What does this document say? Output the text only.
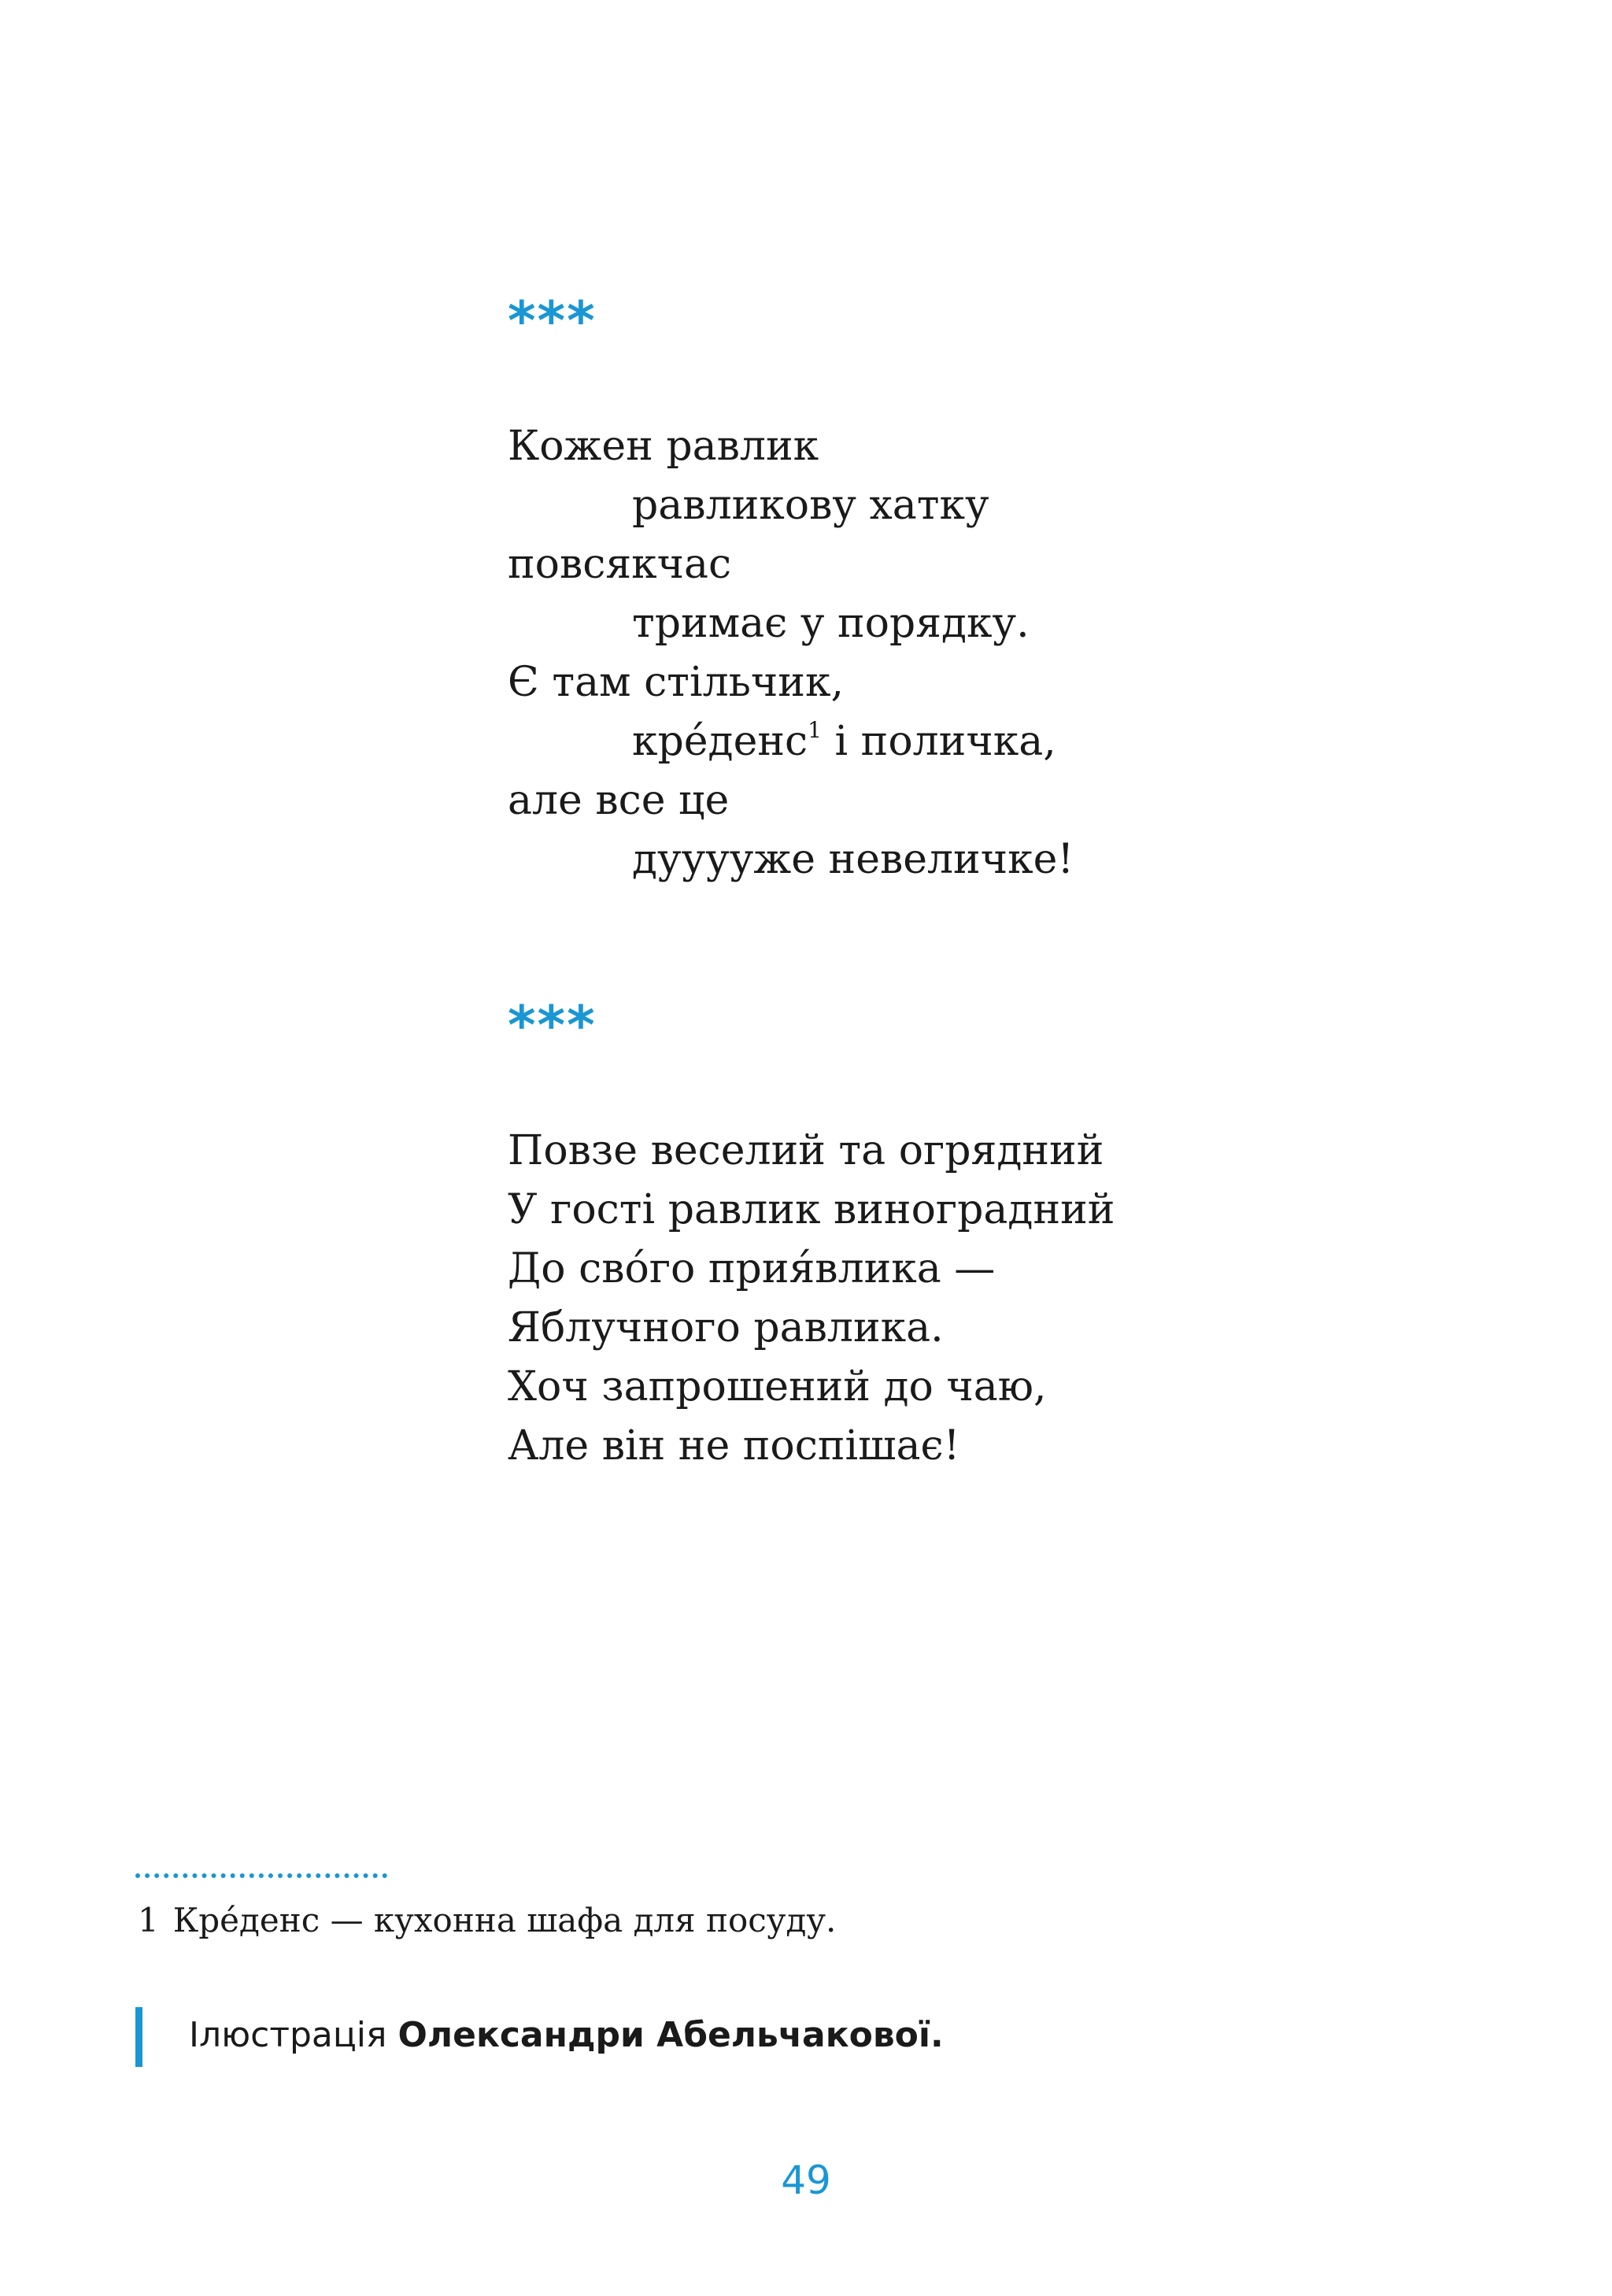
***
Кожен равлик
равликову хатку
повсякчас
тримає у порядку.
Є там стільчик,
кре́денс$^1$ і поличка,
але все це
дууууже невеличке!
***
Повзе веселий та огрядний
У гості равлик виноградний
До сво́го прия́влика —
Яблучного равлика.
Хоч запрошений до чаю,
Але він не поспішає!
1 Кре́денс — кухонна шафа для посуду.
Ілюстрація Олександри Абельчакової.
49
